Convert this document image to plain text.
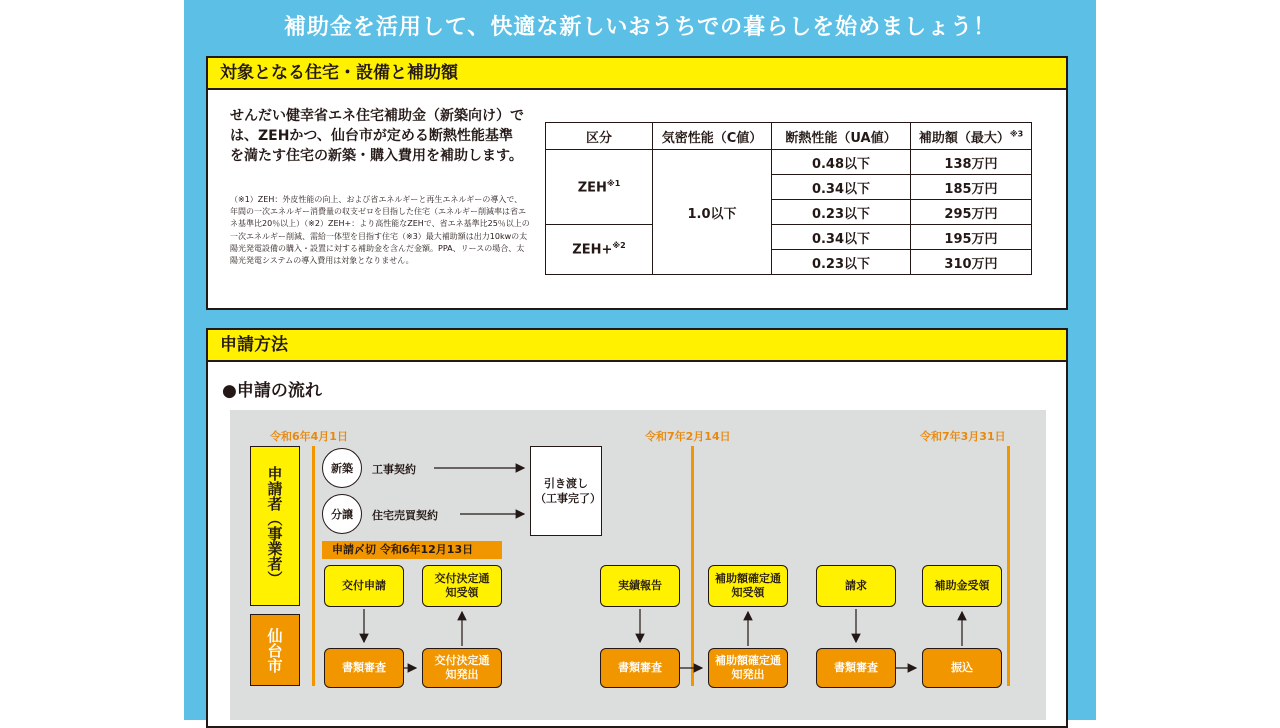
補助金を活用して、快適な新しいおうちでの暮らしを始めましょう！
対象となる住宅・設備と補助額
せんだい健幸省エネ住宅補助金（新築向け）では、ZEHかつ、仙台市が定める断熱性能基準を満たす住宅の新築・購入費用を補助します。
（※1）ZEH：外皮性能の向上、および省エネルギーと再生エネルギーの導入で、年間の一次エネルギー消費量の収支ゼロを目指した住宅（エネルギー削減率は省エネ基準比20％以上）（※2）ZEH+：より高性能なZEHで、省エネ基準比25％以上の一次エネルギー削減、需給一体型を目指す住宅（※3）最大補助額は出力10kwの太陽光発電設備の購入・設置に対する補助金を含んだ金額。PPA、リースの場合、太陽光発電システムの導入費用は対象となりません。
区分	気密性能（C値）	断熱性能（UA値）	補助額（最大）$^{※3}$
ZEH$^{※1}$	1.0以下	0.48以下	138万円
		0.34以下	185万円
		0.23以下	295万円
ZEH+$^{※2}$		0.34以下	195万円
		0.23以下	310万円
申請方法
●申請の流れ
令和6年4月1日	令和7年2月14日	令和7年3月31日
申請者（事業者）
仙台市
新築	工事契約
分譲	住宅売買契約
引き渡し（工事完了）
申請〆切 令和6年12月13日
交付申請
交付決定通知受領
書類審査
交付決定通知発出
実績報告
補助額確定通知受領
書類審査
補助額確定通知発出
請求	補助金受領
書類審査	振込
